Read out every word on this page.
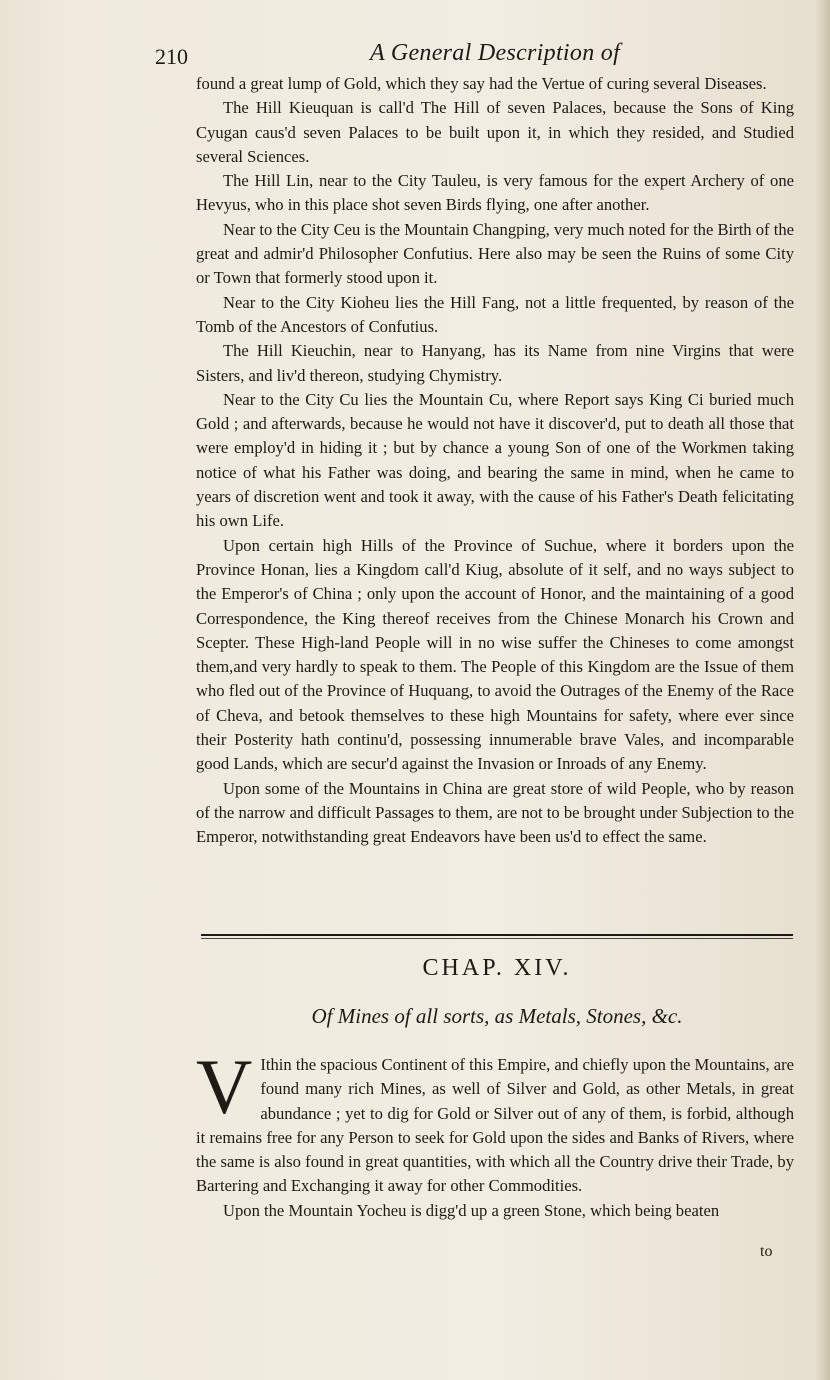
210	A General Description of

found a great lump of Gold, which they say had the Vertue of curing several Diseases.

The Hill Kieuquan is call'd The Hill of seven Palaces, because the Sons of King Cyugan caus'd seven Palaces to be built upon it, in which they resided, and Studied several Sciences.

The Hill Lin, near to the City Tauleu, is very famous for the expert Archery of one Hevyus, who in this place shot seven Birds flying, one after another.

Near to the City Ceu is the Mountain Changping, very much noted for the Birth of the great and admir'd Philosopher Confutius. Here also may be seen the Ruins of some City or Town that formerly stood upon it.

Near to the City Kioheu lies the Hill Fang, not a little frequented, by reason of the Tomb of the Ancestors of Confutius.

The Hill Kieuchin, near to Hanyang, has its Name from nine Virgins that were Sisters, and liv'd thereon, studying Chymistry.

Near to the City Cu lies the Mountain Cu, where Report says King Ci buried much Gold ; and afterwards, because he would not have it discover'd, put to death all those that were employ'd in hiding it ; but by chance a young Son of one of the Workmen taking notice of what his Father was doing, and bearing the same in mind, when he came to years of discretion went and took it away, with the cause of his Father's Death felicitating his own Life.

Upon certain high Hills of the Province of Suchue, where it borders upon the Province Honan, lies a Kingdom call'd Kiug, absolute of it self, and no ways subject to the Emperor's of China ; only upon the account of Honor, and the maintaining of a good Correspondence, the King thereof receives from the Chinese Monarch his Crown and Scepter. These High-land People will in no wise suffer the Chineses to come amongst them,and very hardly to speak to them. The People of this Kingdom are the Issue of them who fled out of the Province of Huquang, to avoid the Outrages of the Enemy of the Race of Cheva, and betook themselves to these high Mountains for safety, where ever since their Posterity hath continu'd, possessing innumerable brave Vales, and incomparable good Lands, which are secur'd against the Invasion or Inroads of any Enemy.

Upon some of the Mountains in China are great store of wild People, who by reason of the narrow and difficult Passages to them, are not to be brought under Subjection to the Emperor, notwithstanding great Endeavors have been us'd to effect the same.

CHAP. XIV.
Of Mines of all sorts, as Metals, Stones, &c.

V Ithin the spacious Continent of this Empire, and chiefly upon the Mountains, are found many rich Mines, as well of Silver and Gold, as other Metals, in great abundance ; yet to dig for Gold or Silver out of any of them, is forbid, although it remains free for any Person to seek for Gold upon the sides and Banks of Rivers, where the same is also found in great quantities, with which all the Country drive their Trade, by Bartering and Exchanging it away for other Commodities.

Upon the Mountain Yocheu is digg'd up a green Stone, which being beaten

to
